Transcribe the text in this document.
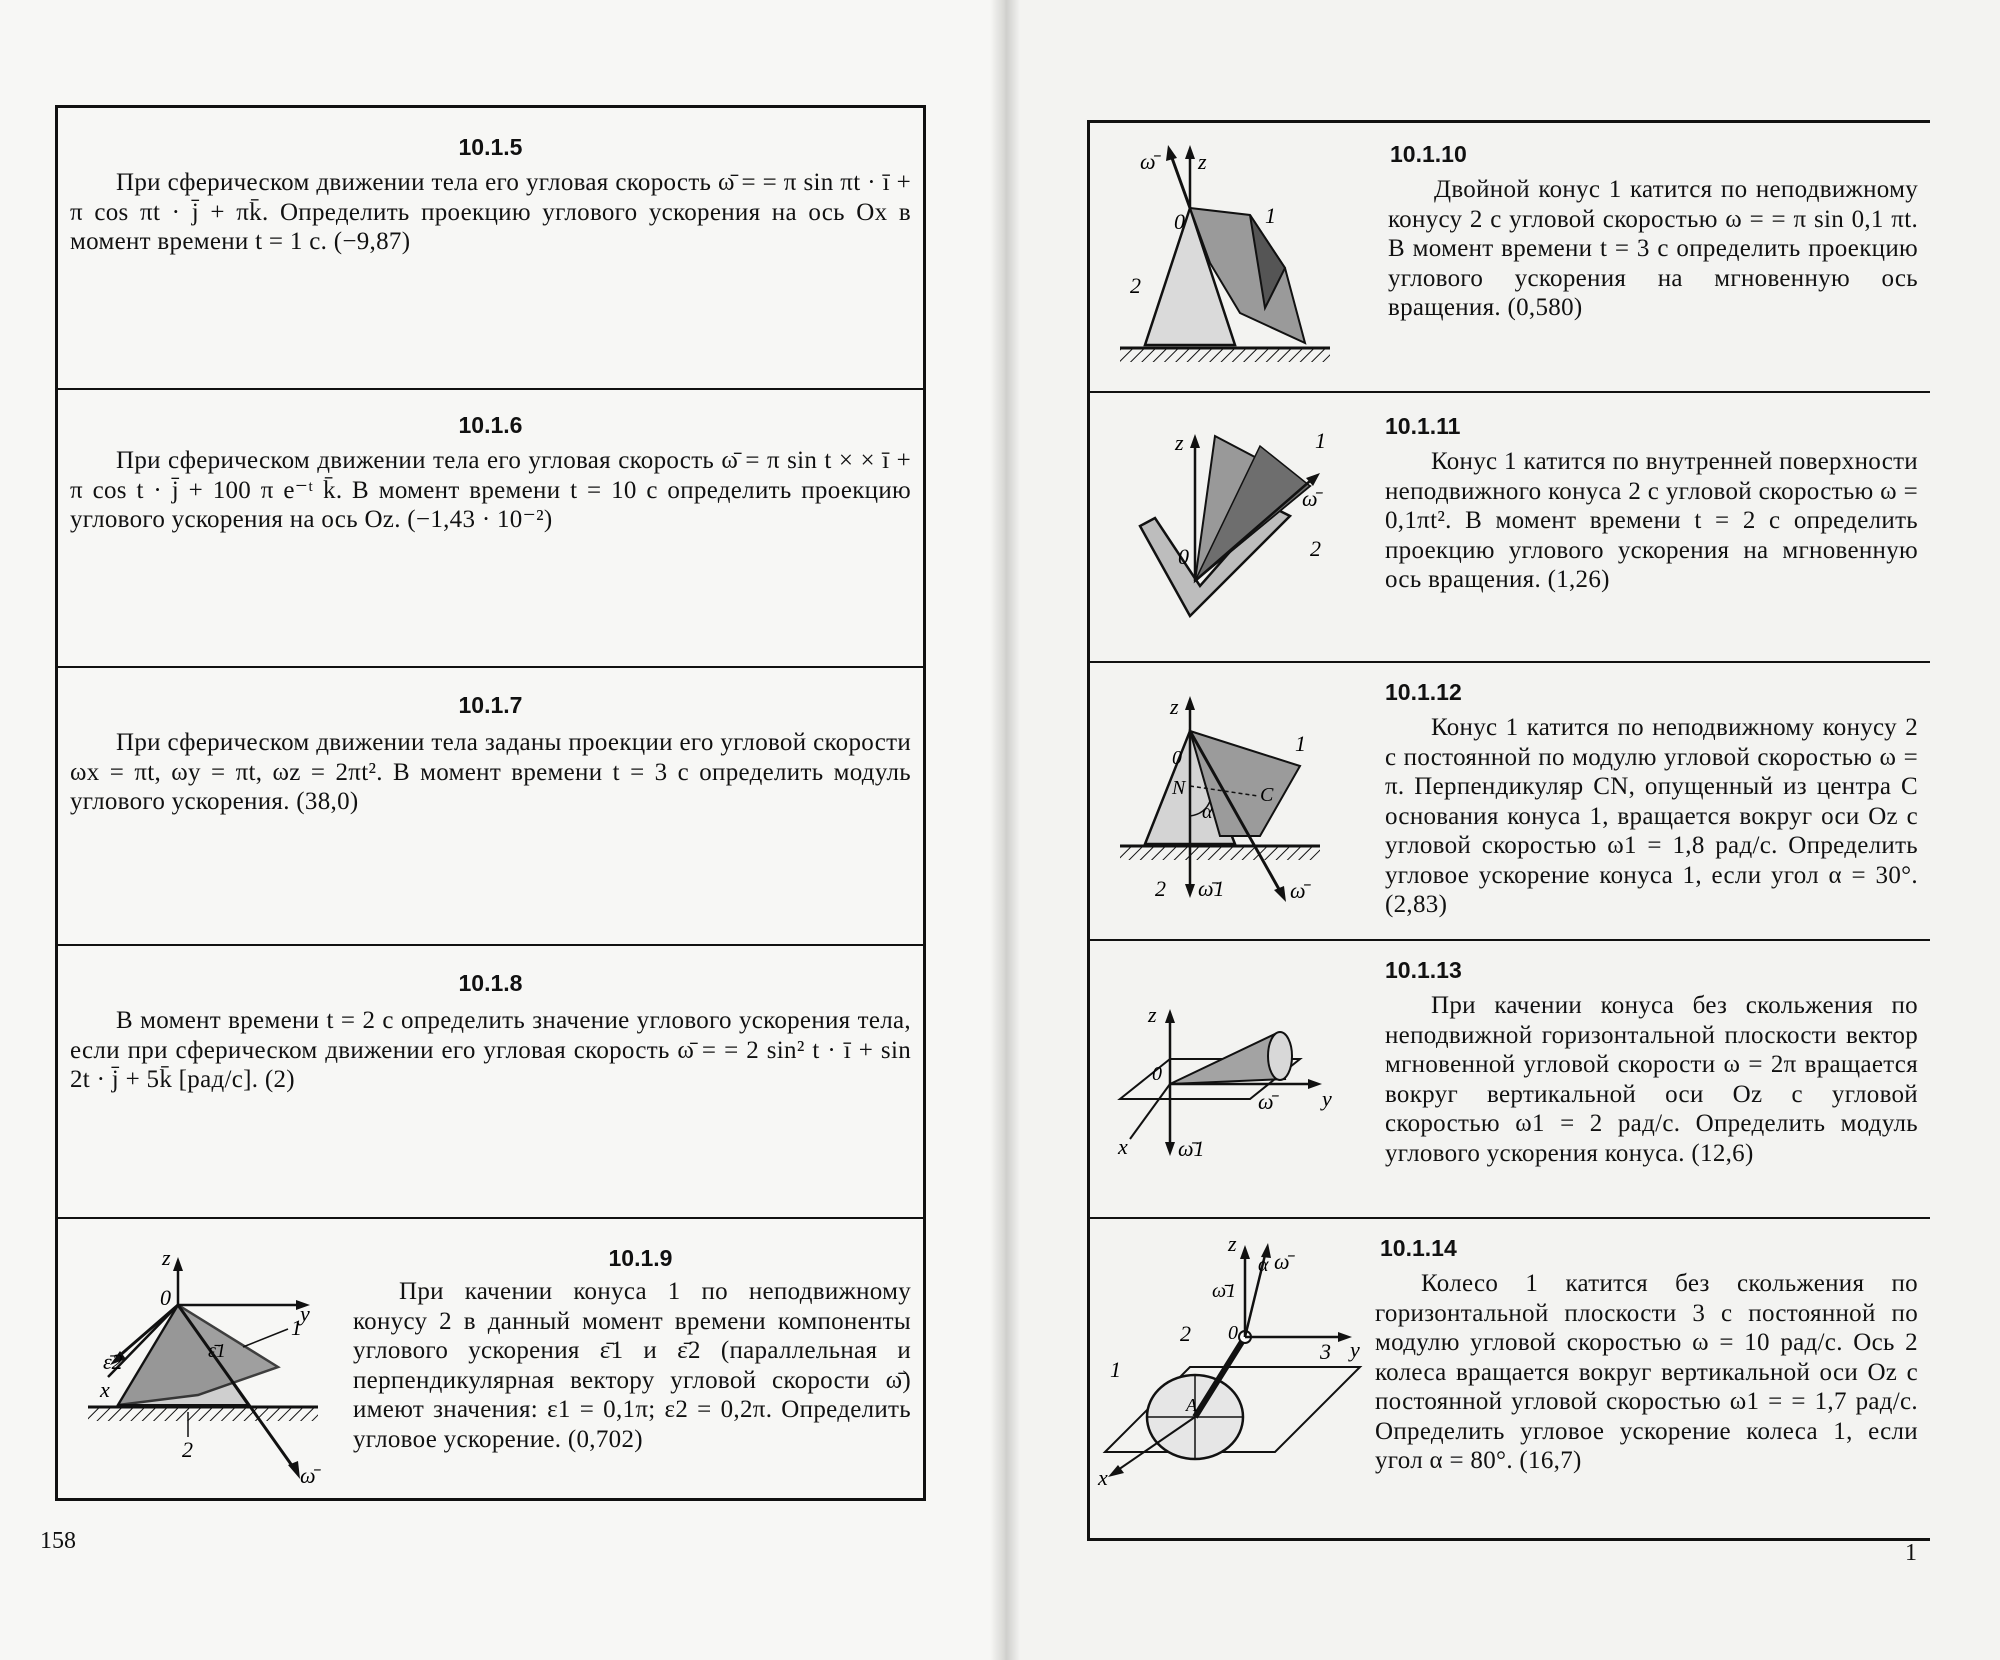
10.1.5
При сферическом движении тела его угловая скорость ω̄ = = π sin πt · ī + π cos πt · j̄ + πk̄. Определить проекцию углового ускорения на ось Ox в момент времени t = 1 с. (−9,87)
10.1.6
При сферическом движении тела его угловая скорость ω̄ = π sin t × × ī + π cos t · j̄ + 100 π e⁻ᵗ k̄. В момент времени t = 10 с определить проекцию углового ускорения на ось Oz. (−1,43 · 10⁻²)
10.1.7
При сферическом движении тела заданы проекции его угловой скорости ωx = πt, ωy = πt, ωz = 2πt². В момент времени t = 3 с определить модуль углового ускорения. (38,0)
10.1.8
В момент времени t = 2 с определить значение углового ускорения тела, если при сферическом движении его угловая скорость ω̄ = = 2 sin² t · ī + sin 2t · j̄ + 5k̄ [рад/с]. (2)
10.1.9
При качении конуса 1 по неподвижному конусу 2 в данный момент времени компоненты углового ускорения ε̄1 и ε̄2 (параллельная и перпендикулярная вектору угловой скорости ω̄) имеют значения: ε1 = 0,1π; ε2 = 0,2π. Определить угловое ускорение. (0,702)
z
0
y
1
ε̄2	ε̄1
x
2
ω̄
158
10.1.10
Двойной конус 1 катится по неподвижному конусу 2 с угловой скоростью ω = = π sin 0,1 πt. В момент времени t = 3 с определить проекцию углового ускорения на мгновенную ось вращения. (0,580)
ω̄ z
0	1
2
10.1.11
Конус 1 катится по внутренней поверхности неподвижного конуса 2 с угловой скоростью ω = 0,1πt². В момент времени t = 2 с определить проекцию углового ускорения на мгновенную ось вращения. (1,26)
z
0
1
ω̄
2
10.1.12
Конус 1 катится по неподвижному конусу 2 с постоянной по модулю угловой скоростью ω = π. Перпендикуляр CN, опущенный из центра C основания конуса 1, вращается вокруг оси Oz с угловой скоростью ω1 = 1,8 рад/с. Определить угловое ускорение конуса 1, если угол α = 30°. (2,83)
z
0
N	C
α
1
2 ω̄1	ω̄
10.1.13
При качении конуса без скольжения по неподвижной горизонтальной плоскости вектор мгновенной угловой скорости ω = 2π вращается вокруг вертикальной оси Oz с угловой скоростью ω1 = 2 рад/с. Определить модуль углового ускорения конуса. (12,6)
z
0
ω̄ y
x ω̄1
10.1.14
Колесо 1 катится без скольжения по горизонтальной плоскости 3 с постоянной по модулю угловой скоростью ω = 10 рад/с. Ось 2 колеса вращается вокруг вертикальной оси Oz с постоянной угловой скоростью ω1 = = 1,7 рад/с. Определить угловое ускорение колеса 1, если угол α = 80°. (16,7)
z
α ω̄
ω̄1
0
y
2
3
1
A
x
1
